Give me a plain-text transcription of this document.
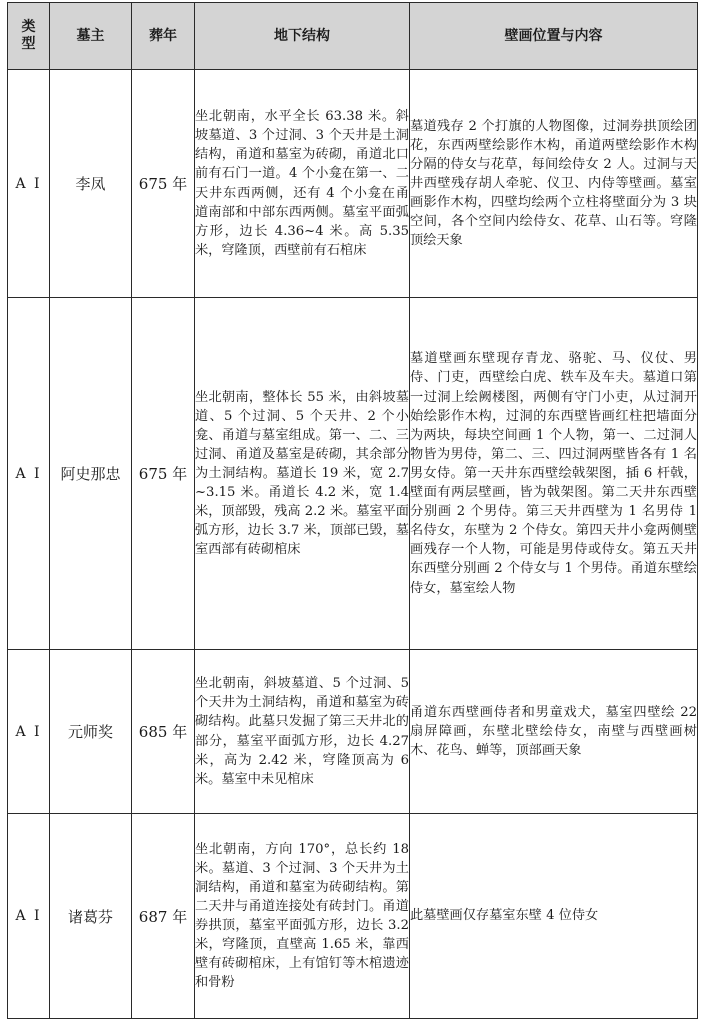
类型	墓主	葬年	地下结构	壁画位置与内容
A Ⅰ	李凤	675 年	坐北朝南，水平全长 63.38 米。斜坡墓道、3 个过洞、3 个天井是土洞结构，甬道和墓室为砖砌，甬道北口前有石门一道。4 个小龛在第一、二天井东西两侧，还有 4 个小龛在甬道南部和中部东西两侧。墓室平面弧方形，边长 4.36~4 米。高 5.35 米，穹隆顶，西壁前有石棺床	墓道残存 2 个打旗的人物图像，过洞券拱顶绘团花，东西两壁绘影作木构，甬道两壁绘影作木构分隔的侍女与花草，每间绘侍女 2 人。过洞与天井西壁残存胡人牵驼、仪卫、内侍等壁画。墓室画影作木构，四壁均绘两个立柱将壁面分为 3 块空间，各个空间内绘侍女、花草、山石等。穹隆顶绘天象
A Ⅰ	阿史那忠	675 年	坐北朝南，整体长 55 米，由斜坡墓道、5 个过洞、5 个天井、2 个小龛、甬道与墓室组成。第一、二、三过洞、甬道及墓室是砖砌，其余部分为土洞结构。墓道长 19 米，宽 2.7~3.15 米。甬道长 4.2 米，宽 1.4 米，顶部毁，残高 2.2 米。墓室平面弧方形，边长 3.7 米，顶部已毁，墓室西部有砖砌棺床	墓道壁画东壁现存青龙、骆驼、马、仪仗、男侍、门吏，西壁绘白虎、轶车及车夫。墓道口第一过洞上绘阙楼图，两侧有守门小吏，从过洞开始绘影作木构，过洞的东西壁皆画红柱把墙面分为两块，每块空间画 1 个人物，第一、二过洞人物皆为男侍，第二、三、四过洞两壁皆各有 1 名男女侍。第一天井东西壁绘戟架图，插 6 杆戟，壁面有两层壁画，皆为戟架图。第二天井东西壁分别画 2 个男侍。第三天井西壁为 1 名男侍 1 名侍女，东壁为 2 个侍女。第四天井小龛两侧壁画残存一个人物，可能是男侍或侍女。第五天井东西壁分别画 2 个侍女与 1 个男侍。甬道东壁绘侍女，墓室绘人物
A Ⅰ	元师奖	685 年	坐北朝南，斜坡墓道、5 个过洞、5 个天井为土洞结构，甬道和墓室为砖砌结构。此墓只发掘了第三天井北的部分，墓室平面弧方形，边长 4.27 米，高为 2.42 米，穹隆顶高为 6 米。墓室中未见棺床	甬道东西壁画侍者和男童戏犬，墓室四壁绘 22 扇屏障画，东壁北壁绘侍女，南壁与西壁画树木、花鸟、蝉等，顶部画天象
A Ⅰ	诸葛芬	687 年	坐北朝南，方向 170°，总长约 18 米。墓道、3 个过洞、3 个天井为土洞结构，甬道和墓室为砖砌结构。第二天井与甬道连接处有砖封门。甬道券拱顶，墓室平面弧方形，边长 3.2 米，穹隆顶，直壁高 1.65 米，靠西壁有砖砌棺床，上有馆钉等木棺遗迹和骨粉	此墓壁画仅存墓室东壁 4 位侍女
